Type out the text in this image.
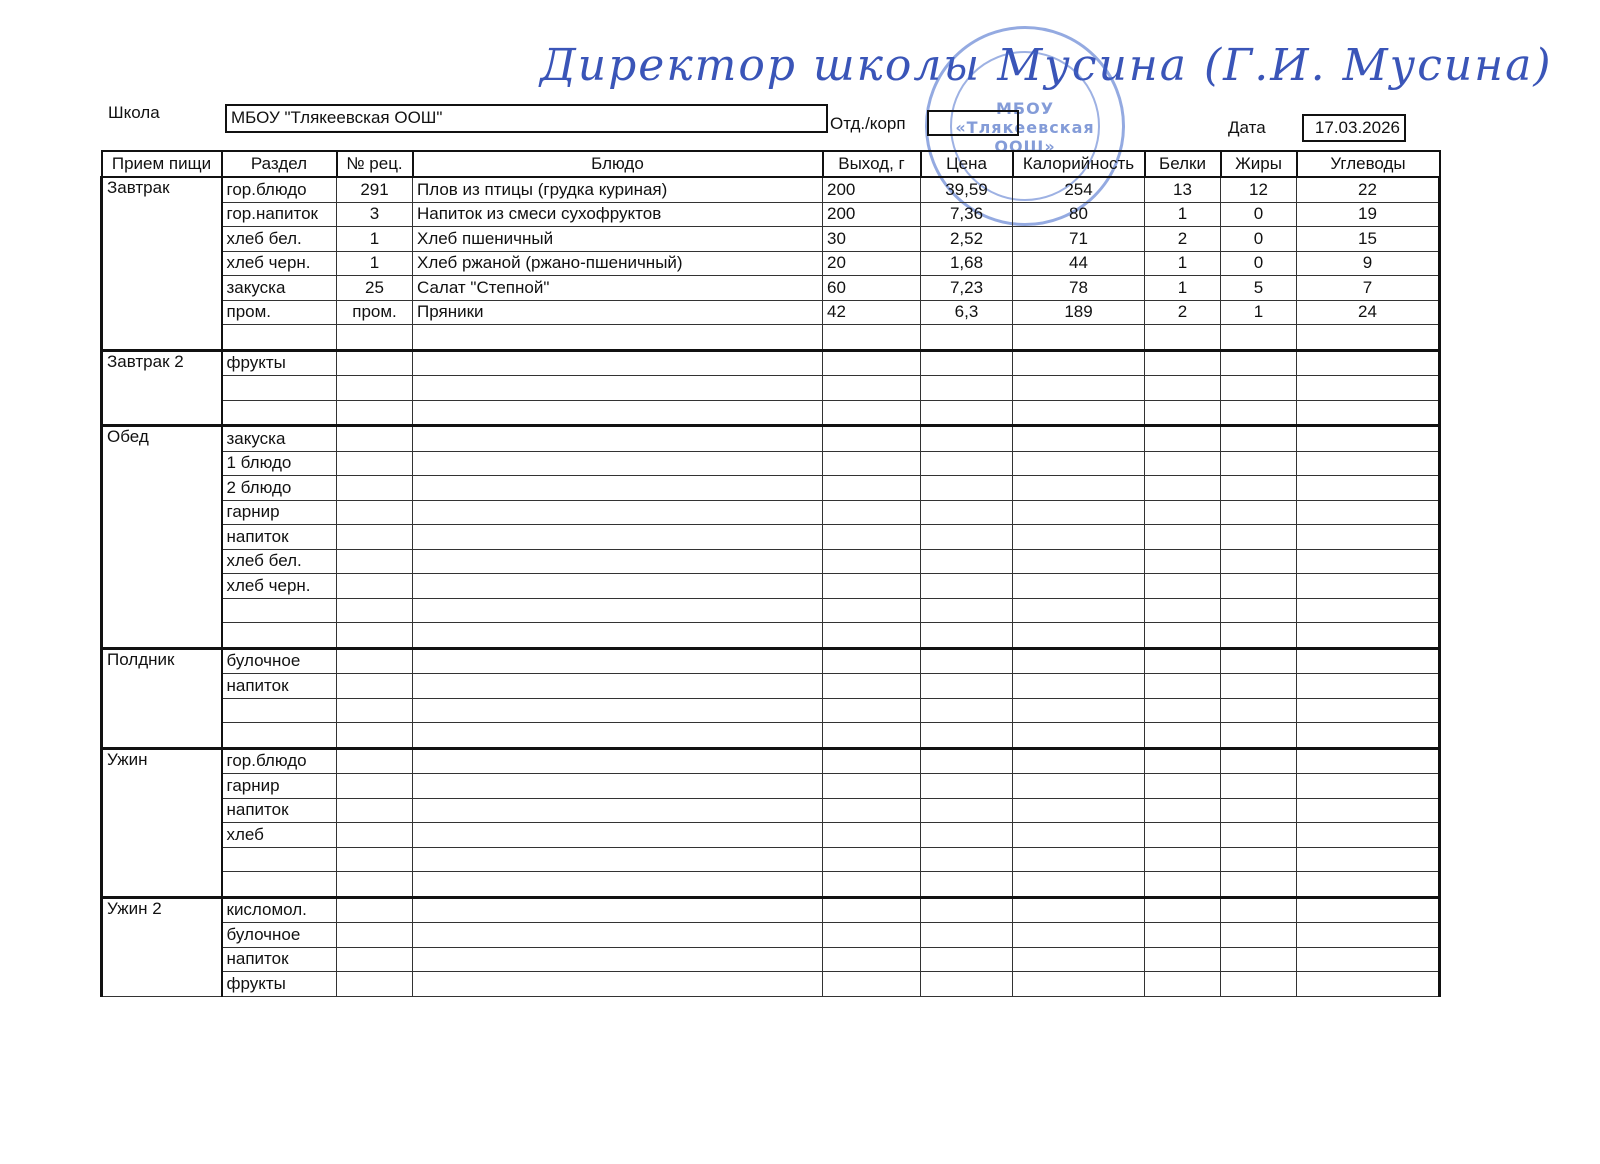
Директор школы Мусина (Г.И. Мусина)
МБОУ «Тлякеевская ООШ»
Школа	МБОУ "Тлякеевская ООШ"	Отд./корп	Дата	17.03.2026
Прием пищи	Раздел	№ рец.	Блюдо	Выход, г	Цена	Калорийность	Белки	Жиры	Углеводы
Завтрак	гор.блюдо	291	Плов из птицы (грудка куриная)	200	39,59	254	13	12	22
	гор.напиток	3	Напиток из смеси сухофруктов	200	7,36	80	1	0	19
	хлеб бел.	1	Хлеб пшеничный	30	2,52	71	2	0	15
	хлеб черн.	1	Хлеб ржаной (ржано-пшеничный)	20	1,68	44	1	0	9
	закуска	25	Салат "Степной"	60	7,23	78	1	5	7
	пром.	пром.	Пряники	42	6,3	189	2	1	24

Завтрак 2	фрукты								

Обед	закуска								
	1 блюдо								
	2 блюдо								
	гарнир								
	напиток								
	хлеб бел.								
	хлеб черн.								

Полдник	булочное								
	напиток								

Ужин	гор.блюдо								
	гарнир								
	напиток								
	хлеб								

Ужин 2	кисломол.								
	булочное								
	напиток								
	фрукты								
